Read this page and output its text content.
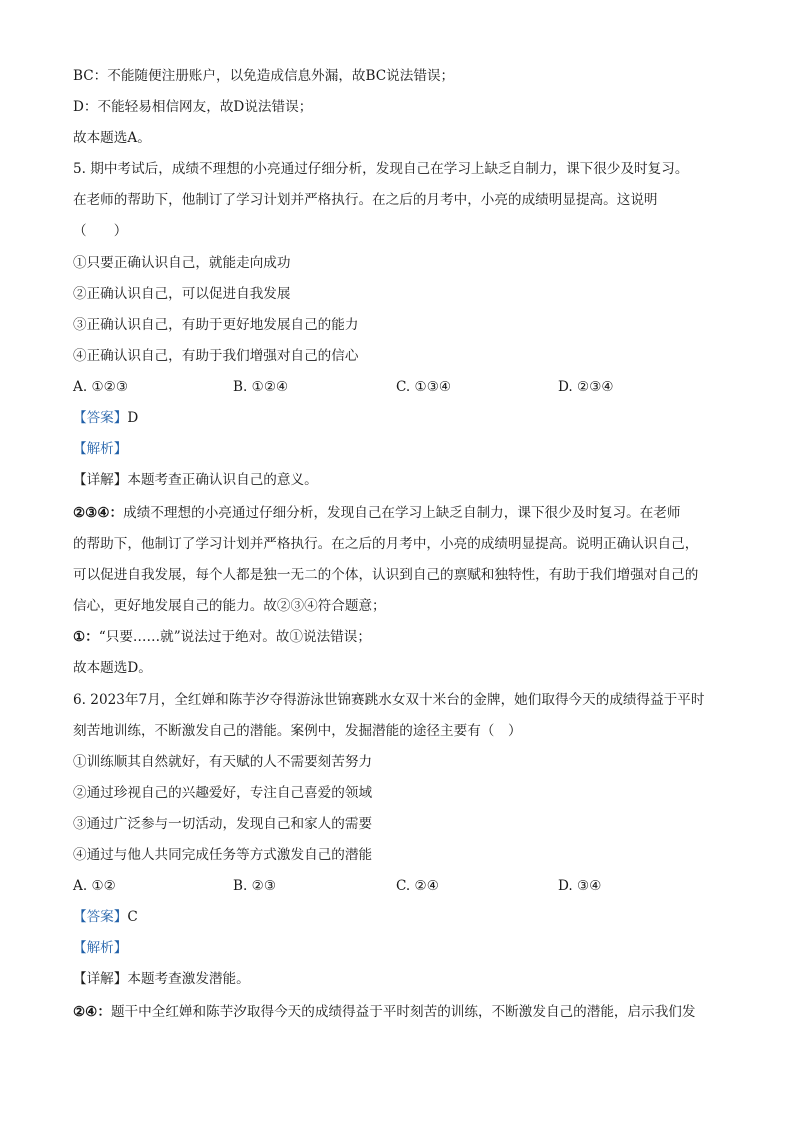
BC：不能随便注册账户，以免造成信息外漏，故BC说法错误；
D：不能轻易相信网友，故D说法错误；
故本题选A。
5. 期中考试后，成绩不理想的小亮通过仔细分析，发现自己在学习上缺乏自制力，课下很少及时复习。
在老师的帮助下，他制订了学习计划并严格执行。在之后的月考中，小亮的成绩明显提高。这说明
（　　）
①只要正确认识自己，就能走向成功
②正确认识自己，可以促进自我发展
③正确认识自己，有助于更好地发展自己的能力
④正确认识自己，有助于我们增强对自己的信心
A. ①②③	B. ①②④	C. ①③④	D. ②③④
【答案】D
【解析】
【详解】本题考查正确认识自己的意义。
②③④：成绩不理想的小亮通过仔细分析，发现自己在学习上缺乏自制力，课下很少及时复习。在老师
的帮助下，他制订了学习计划并严格执行。在之后的月考中，小亮的成绩明显提高。说明正确认识自己，
可以促进自我发展，每个人都是独一无二的个体，认识到自己的禀赋和独特性，有助于我们增强对自己的
信心，更好地发展自己的能力。故②③④符合题意；
①：“只要……就”说法过于绝对。故①说法错误；
故本题选D。
6. 2023年7月，全红婵和陈芋汐夺得游泳世锦赛跳水女双十米台的金牌，她们取得今天的成绩得益于平时
刻苦地训练，不断激发自己的潜能。案例中，发掘潜能的途径主要有（　）
①训练顺其自然就好，有天赋的人不需要刻苦努力
②通过珍视自己的兴趣爱好，专注自己喜爱的领域
③通过广泛参与一切活动，发现自己和家人的需要
④通过与他人共同完成任务等方式激发自己的潜能
A. ①②	B. ②③	C. ②④	D. ③④
【答案】C
【解析】
【详解】本题考查激发潜能。
②④：题干中全红婵和陈芋汐取得今天的成绩得益于平时刻苦的训练，不断激发自己的潜能，启示我们发
